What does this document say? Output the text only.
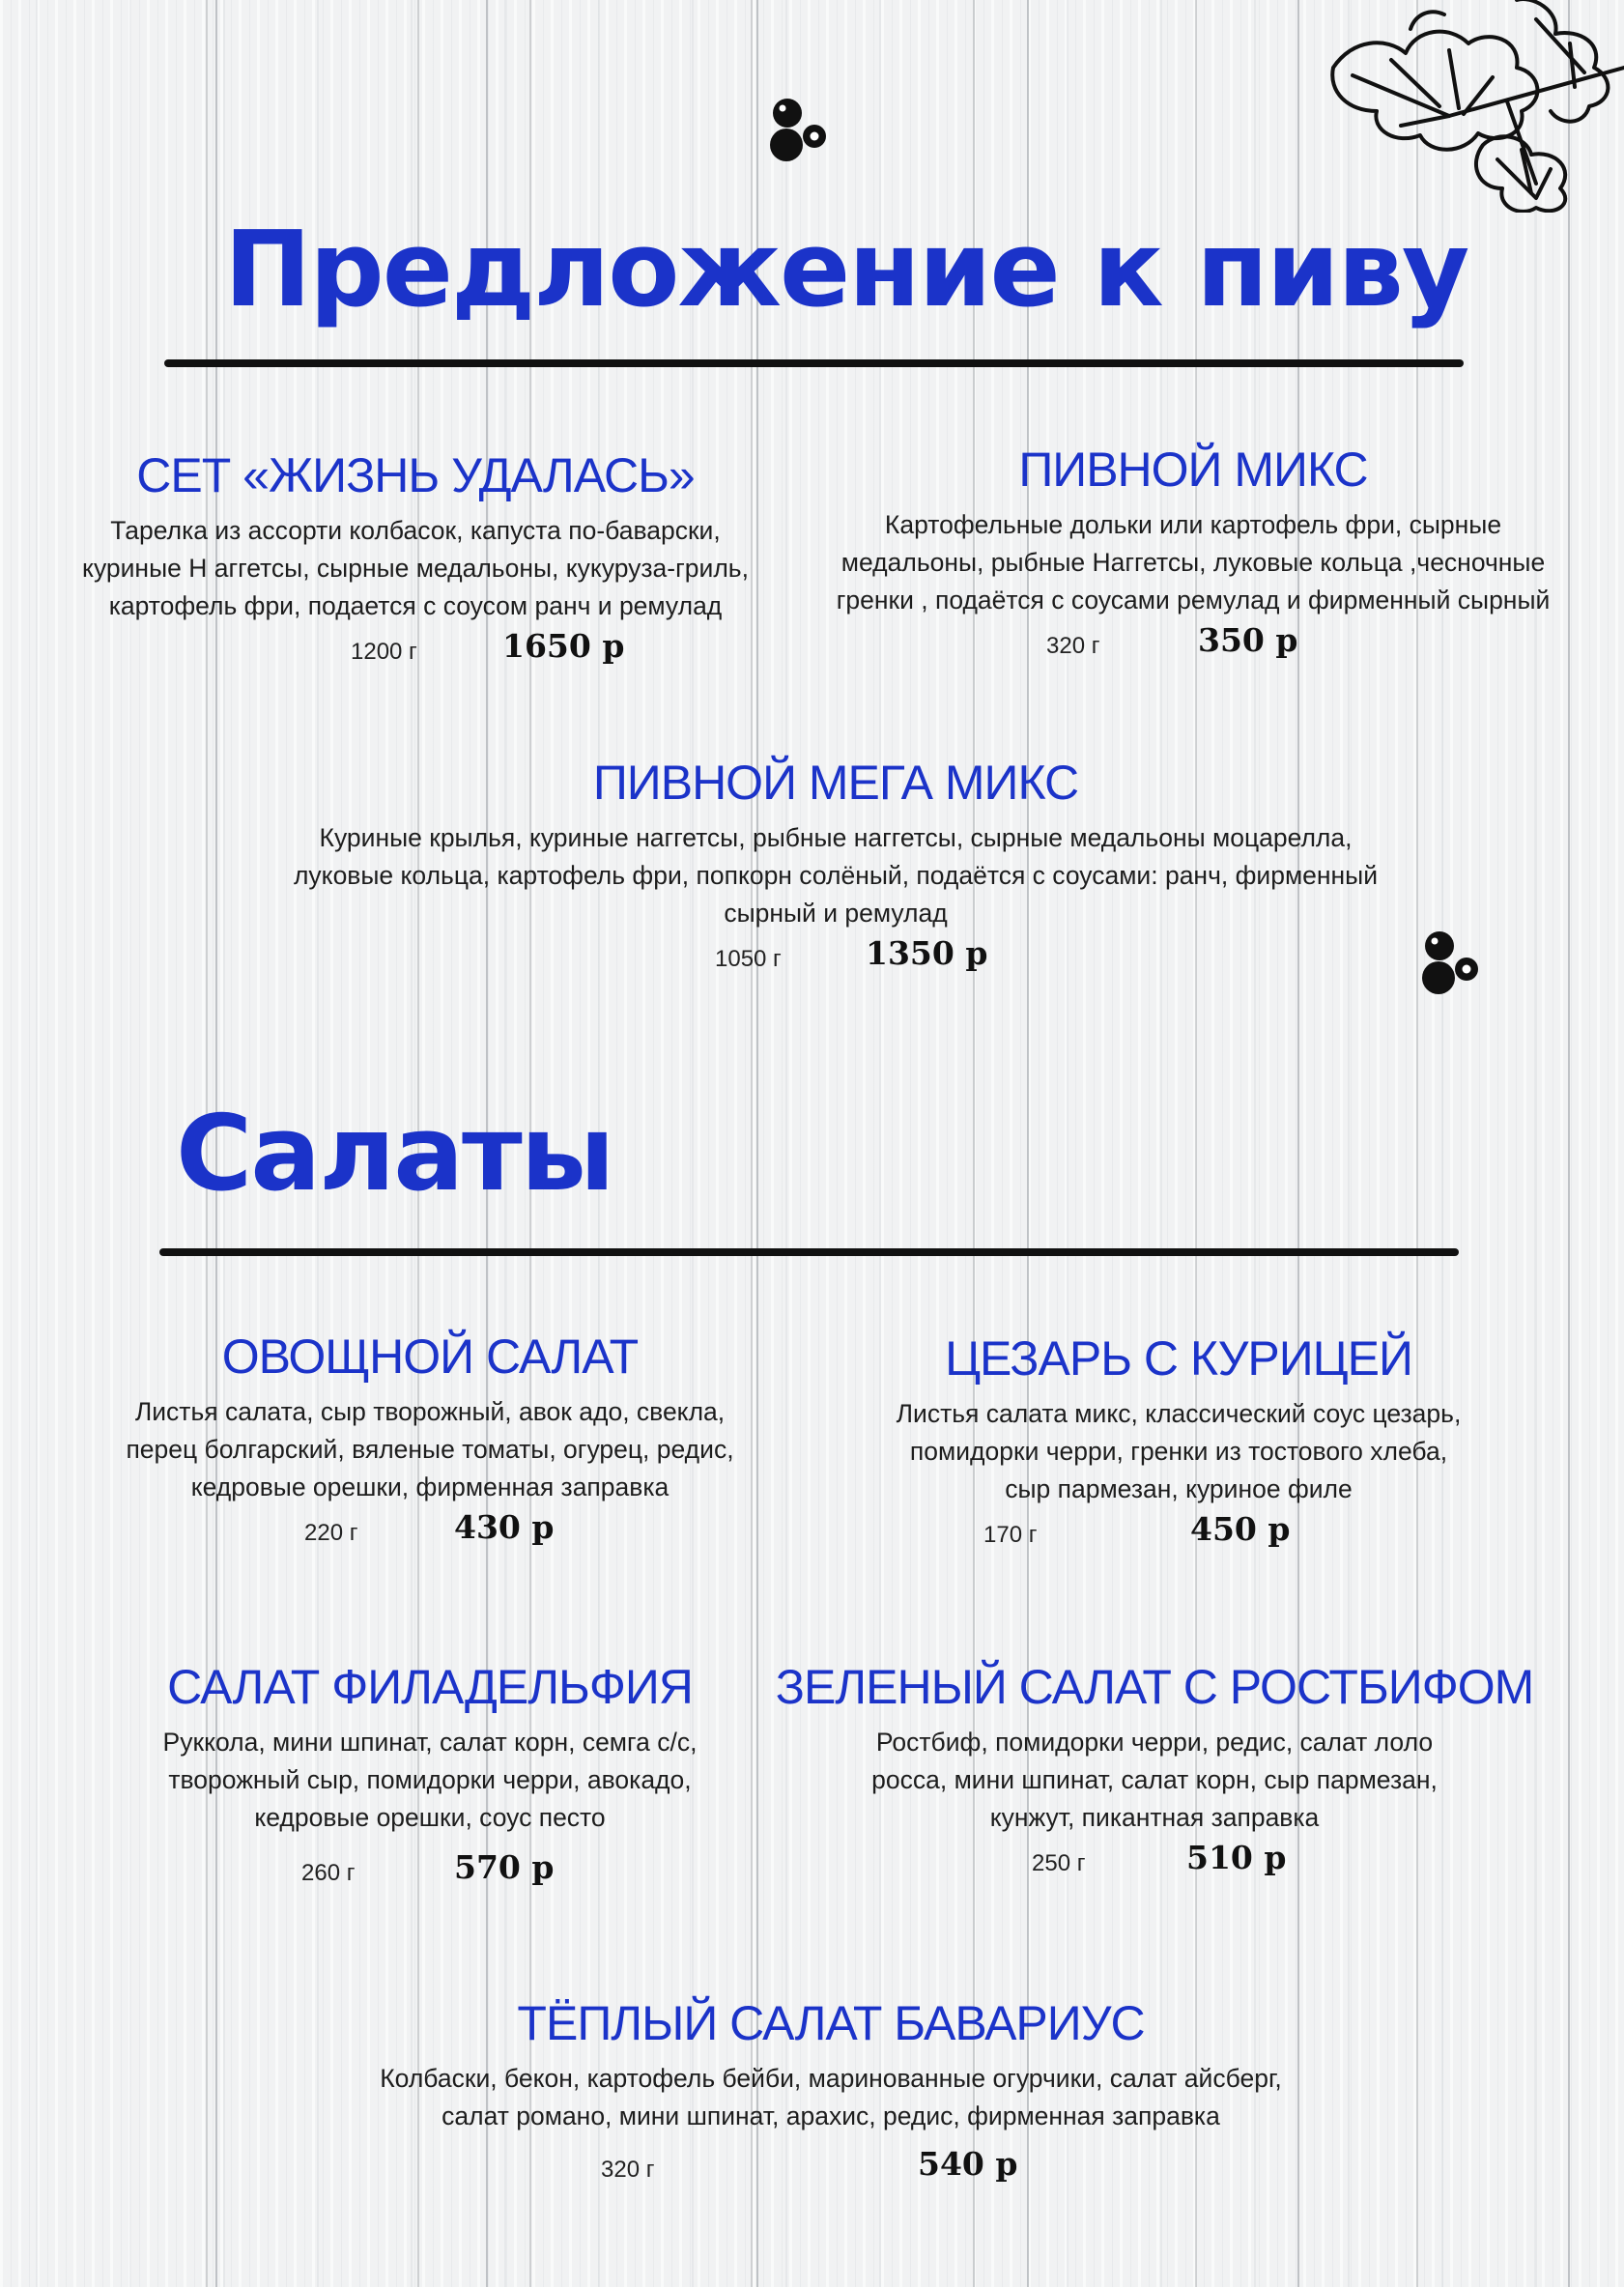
Предложение к пиву
СЕТ «ЖИЗНЬ УДАЛАСЬ»
Тарелка из ассорти колбасок, капуста по-баварски,
куриные Н аггетсы, сырные медальоны, кукуруза-гриль,
картофель фри, подается с соусом ранч и ремулад
1200 г	1650 р
ПИВНОЙ МИКС
Картофельные дольки или картофель фри, сырные
медальоны, рыбные Наггетсы, луковые кольца ,чесночные
гренки , подаётся с соусами ремулад и фирменный сырный
320 г	350 р
ПИВНОЙ МЕГА МИКС
Куриные крылья, куриные наггетсы, рыбные наггетсы, сырные медальоны моцарелла,
луковые кольца, картофель фри, попкорн солёный, подаётся с соусами: ранч, фирменный
сырный и ремулад
1050 г	1350 р
Салаты
ОВОЩНОЙ САЛАТ
Листья салата, сыр творожный, авок адо, свекла,
перец болгарский, вяленые томаты, огурец, редис,
кедровые орешки, фирменная заправка
220 г	430 р
ЦЕЗАРЬ С КУРИЦЕЙ
Листья салата микс, классический соус цезарь,
помидорки черри, гренки из тостового хлеба,
сыр пармезан, куриное филе
170 г	450 р
САЛАТ ФИЛАДЕЛЬФИЯ
Руккола, мини шпинат, салат корн, семга с/с,
творожный сыр, помидорки черри, авокадо,
кедровые орешки, соус песто
260 г	570 р
ЗЕЛЕНЫЙ САЛАТ С РОСТБИФОМ
Ростбиф, помидорки черри, редис, салат лоло
росса, мини шпинат, салат корн, сыр пармезан,
кунжут, пикантная заправка
250 г	510 р
ТЁПЛЫЙ САЛАТ БАВАРИУС
Колбаски, бекон, картофель бейби, маринованные огурчики, салат айсберг,
салат романо, мини шпинат, арахис, редис, фирменная заправка
320 г	540 р
